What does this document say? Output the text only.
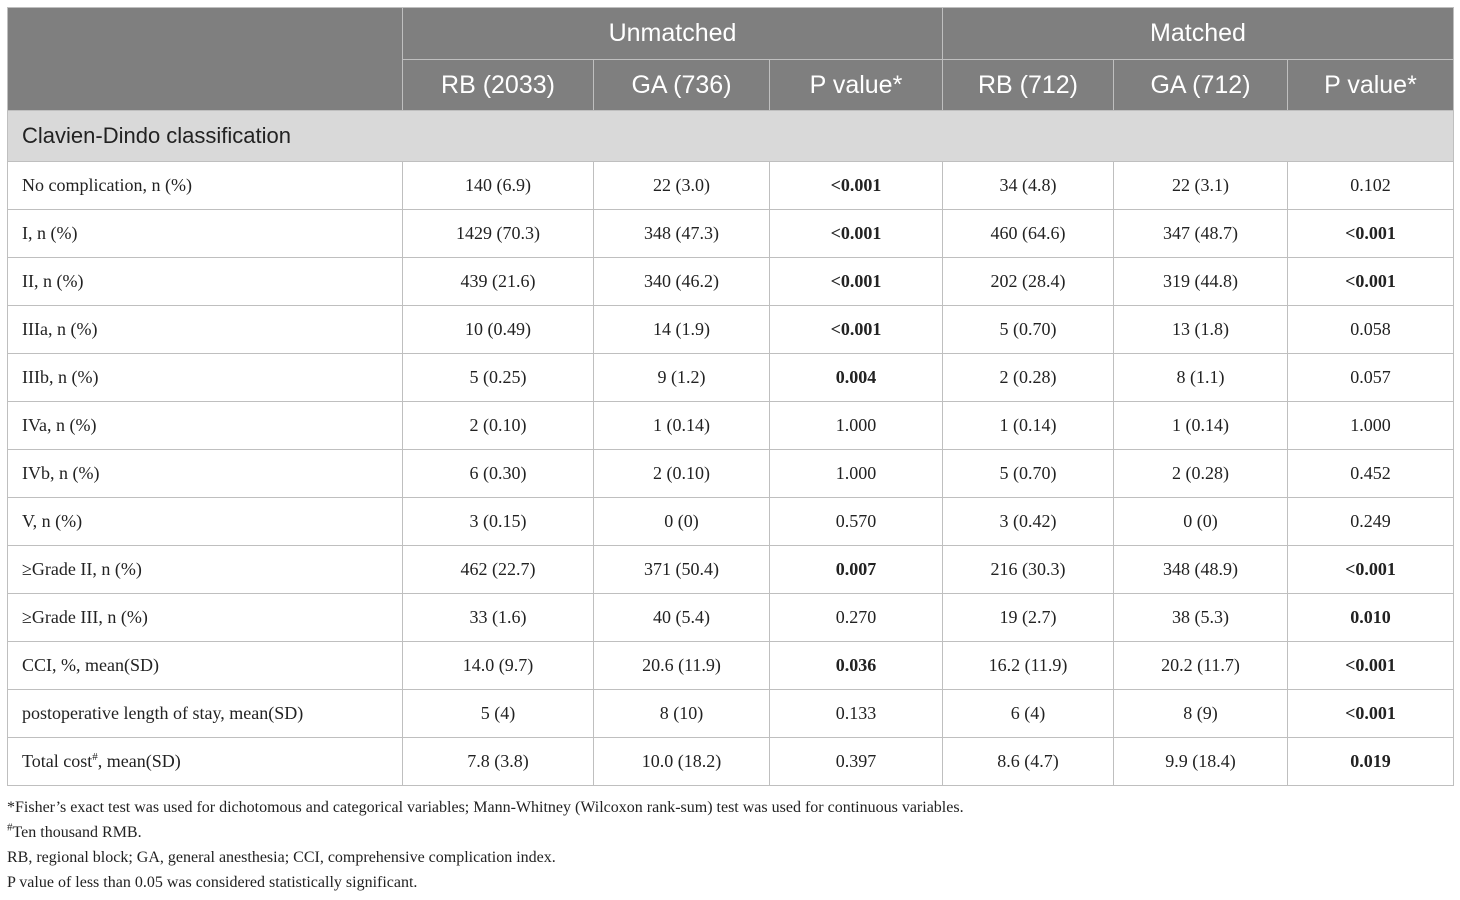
	Unmatched			Matched		
	RB (2033)	GA (736)	P value*	RB (712)	GA (712)	P value*
Clavien-Dindo classification						
No complication, n (%)	140 (6.9)	22 (3.0)	<0.001	34 (4.8)	22 (3.1)	0.102
I, n (%)	1429 (70.3)	348 (47.3)	<0.001	460 (64.6)	347 (48.7)	<0.001
II, n (%)	439 (21.6)	340 (46.2)	<0.001	202 (28.4)	319 (44.8)	<0.001
IIIa, n (%)	10 (0.49)	14 (1.9)	<0.001	5 (0.70)	13 (1.8)	0.058
IIIb, n (%)	5 (0.25)	9 (1.2)	0.004	2 (0.28)	8 (1.1)	0.057
IVa, n (%)	2 (0.10)	1 (0.14)	1.000	1 (0.14)	1 (0.14)	1.000
IVb, n (%)	6 (0.30)	2 (0.10)	1.000	5 (0.70)	2 (0.28)	0.452
V, n (%)	3 (0.15)	0 (0)	0.570	3 (0.42)	0 (0)	0.249
≥Grade II, n (%)	462 (22.7)	371 (50.4)	0.007	216 (30.3)	348 (48.9)	<0.001
≥Grade III, n (%)	33 (1.6)	40 (5.4)	0.270	19 (2.7)	38 (5.3)	0.010
CCI, %, mean(SD)	14.0 (9.7)	20.6 (11.9)	0.036	16.2 (11.9)	20.2 (11.7)	<0.001
postoperative length of stay, mean(SD)	5 (4)	8 (10)	0.133	6 (4)	8 (9)	<0.001
Total cost#, mean(SD)	7.8 (3.8)	10.0 (18.2)	0.397	8.6 (4.7)	9.9 (18.4)	0.019
*Fisher’s exact test was used for dichotomous and categorical variables; Mann-Whitney (Wilcoxon rank-sum) test was used for continuous variables.
#Ten thousand RMB.
RB, regional block; GA, general anesthesia; CCI, comprehensive complication index.
P value of less than 0.05 was considered statistically significant.
